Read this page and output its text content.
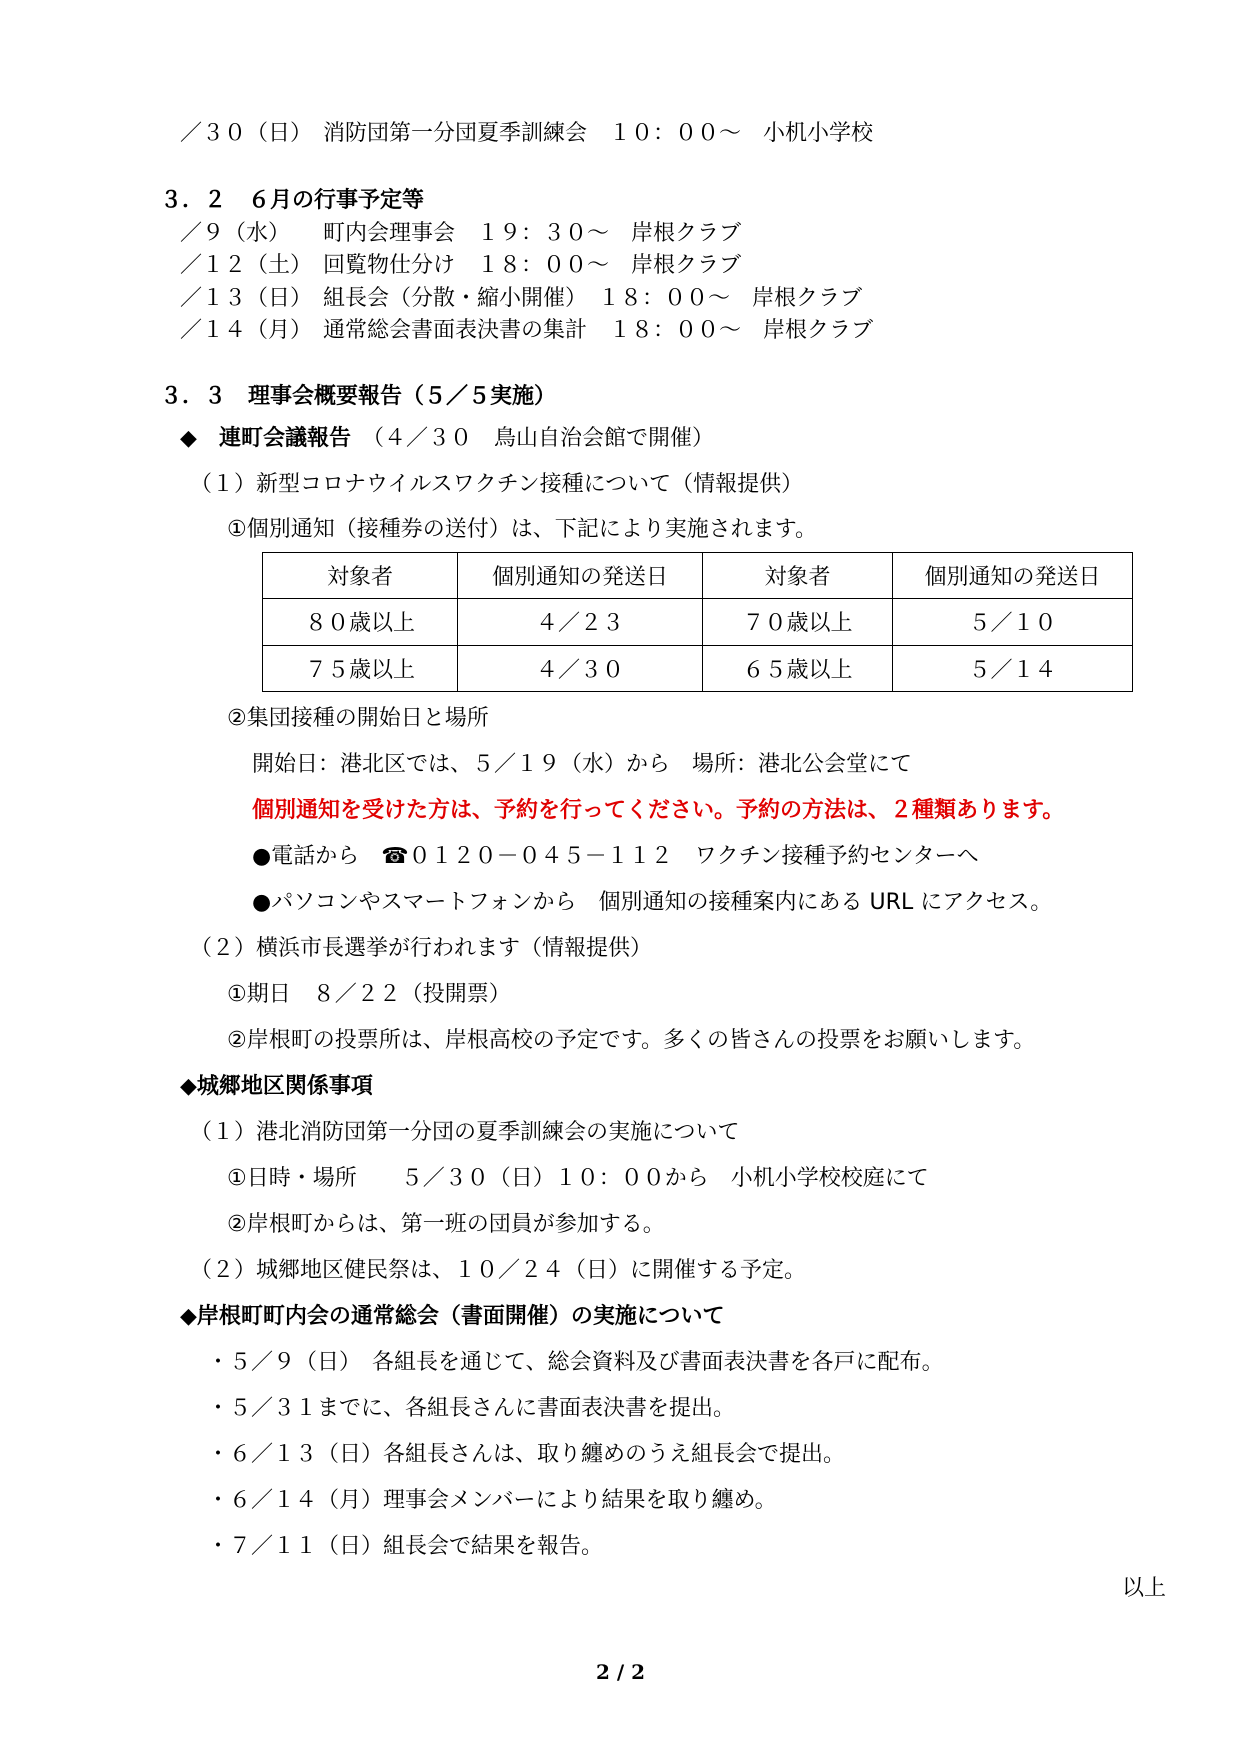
／３０（日）　消防団第一分団夏季訓練会　１０：００～　小机小学校
３．２　６月の行事予定等
／９（水）　　町内会理事会　１９：３０～　岸根クラブ
／１２（土）　回覧物仕分け　１８：００～　岸根クラブ
／１３（日）　組長会（分散・縮小開催）　１８：００～　岸根クラブ
／１４（月）　通常総会書面表決書の集計　１８：００～　岸根クラブ
３．３　理事会概要報告（５／５実施）
◆　 連町会議報告　 （４／３０　鳥山自治会館で開催）
（１）新型コロナウイルスワクチン接種について（情報提供）
①個別通知（接種券の送付）は、下記により実施されます。
対象者	個別通知の発送日	対象者	個別通知の発送日
８０歳以上	４／２３	７０歳以上	５／１０
７５歳以上	４／３０	６５歳以上	５／１４
②集団接種の開始日と場所
開始日：港北区では、５／１９（水）から　場所：港北公会堂にて
個別通知を受けた方は、予約を行ってください。予約の方法は、２種類あります。
●電話から　☎０１２０－０４５－１１２　ワクチン接種予約センターへ
●パソコンやスマートフォンから　個別通知の接種案内にある URL にアクセス。
（２）横浜市長選挙が行われます（情報提供）
①期日　８／２２（投開票）
②岸根町の投票所は、岸根高校の予定です。多くの皆さんの投票をお願いします。
◆城郷地区関係事項
（１）港北消防団第一分団の夏季訓練会の実施について
①日時・場所　　５／３０（日）１０：００から　小机小学校校庭にて
②岸根町からは、第一班の団員が参加する。
（２）城郷地区健民祭は、１０／２４（日）に開催する予定。
◆岸根町町内会の通常総会（書面開催）の実施について
・５／９（日）　各組長を通じて、総会資料及び書面表決書を各戸に配布。
・５／３１までに、各組長さんに書面表決書を提出。
・６／１３（日）各組長さんは、取り纏めのうえ組長会で提出。
・６／１４（月）理事会メンバーにより結果を取り纏め。
・７／１１（日）組長会で結果を報告。
以上
2 / 2
